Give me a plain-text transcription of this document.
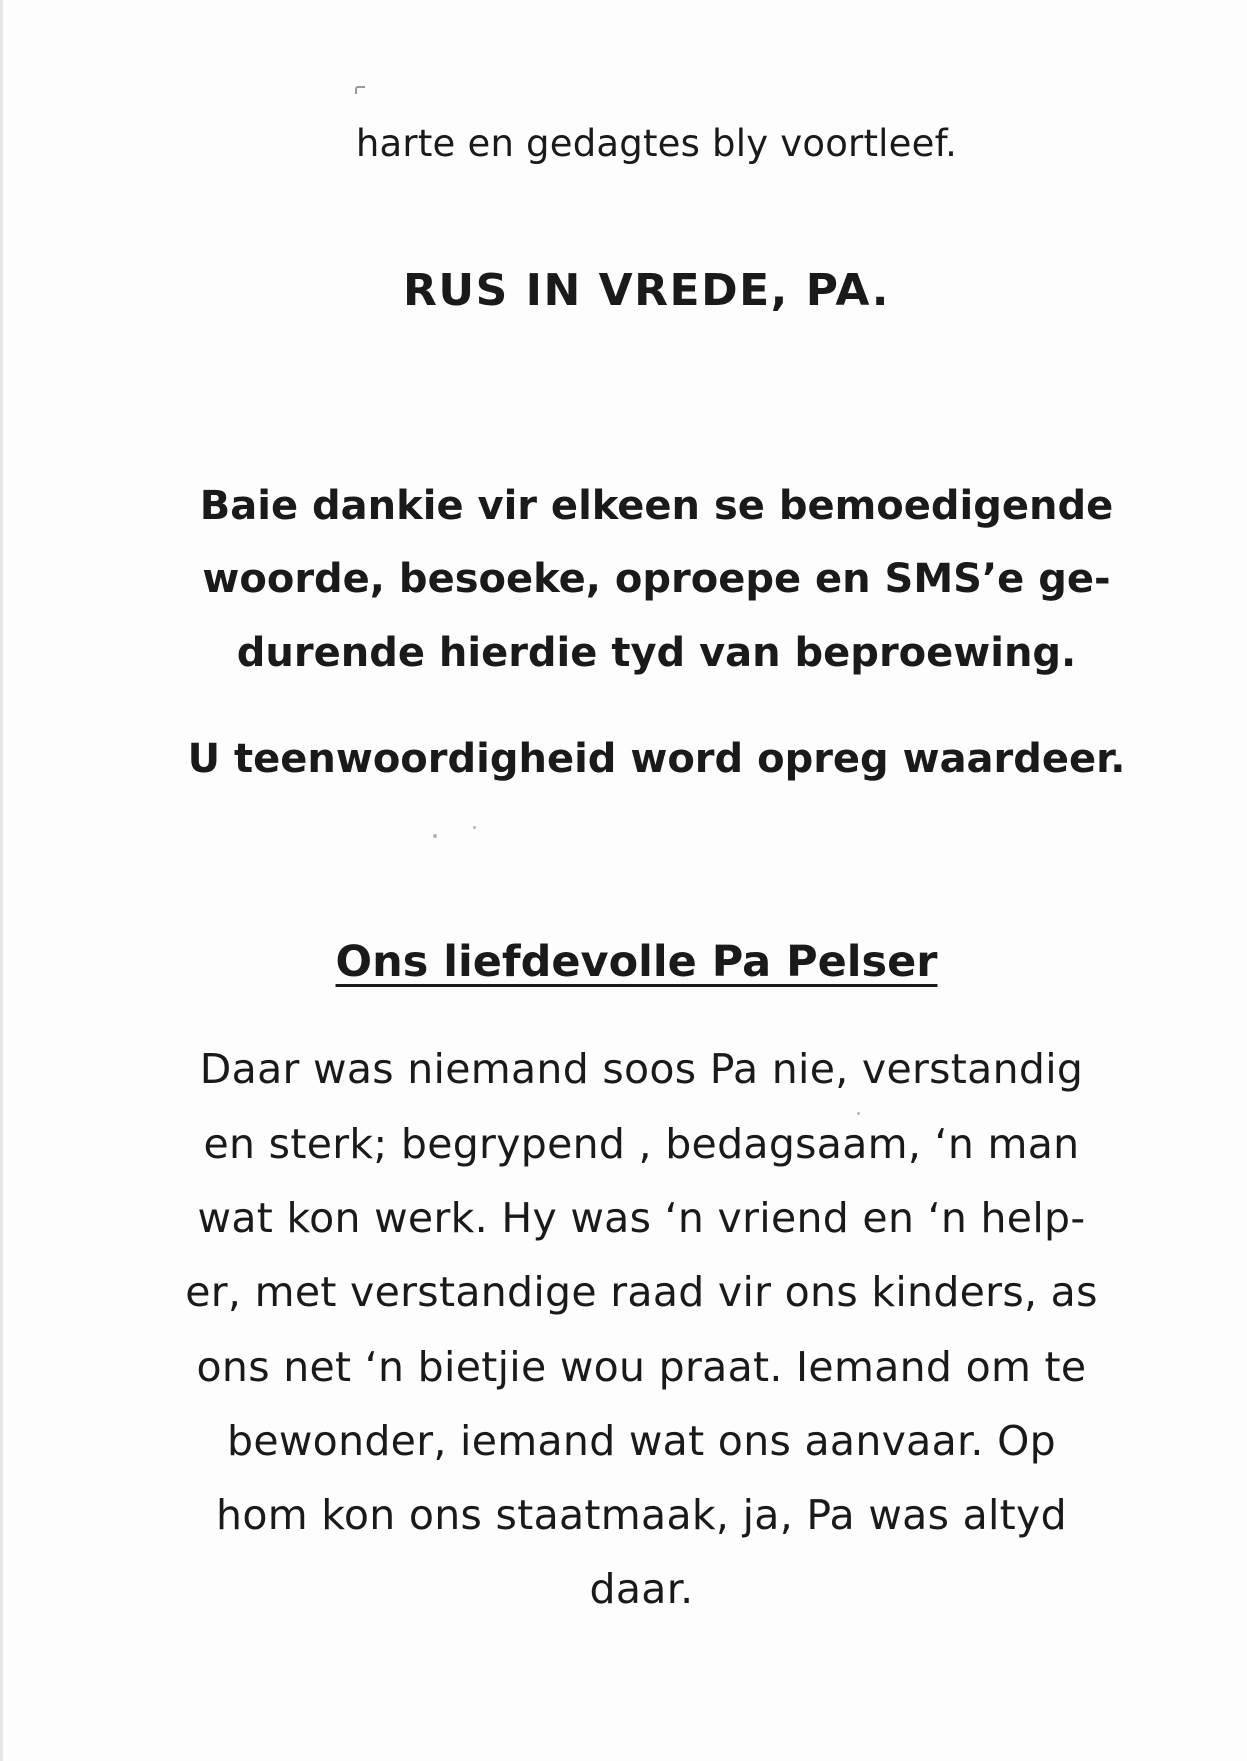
harte en gedagtes bly voortleef.
RUS IN VREDE, PA.
Baie dankie vir elkeen se bemoedigende
woorde, besoeke, oproepe en SMS’e ge-
durende hierdie tyd van beproewing.
U teenwoordigheid word opreg waardeer.
Ons liefdevolle Pa Pelser
Daar was niemand soos Pa nie, verstandig
en sterk; begrypend , bedagsaam, ‘n man
wat kon werk. Hy was ‘n vriend en ‘n help-
er, met verstandige raad vir ons kinders, as
ons net ‘n bietjie wou praat. Iemand om te
bewonder, iemand wat ons aanvaar. Op
hom kon ons staatmaak, ja, Pa was altyd
daar.
